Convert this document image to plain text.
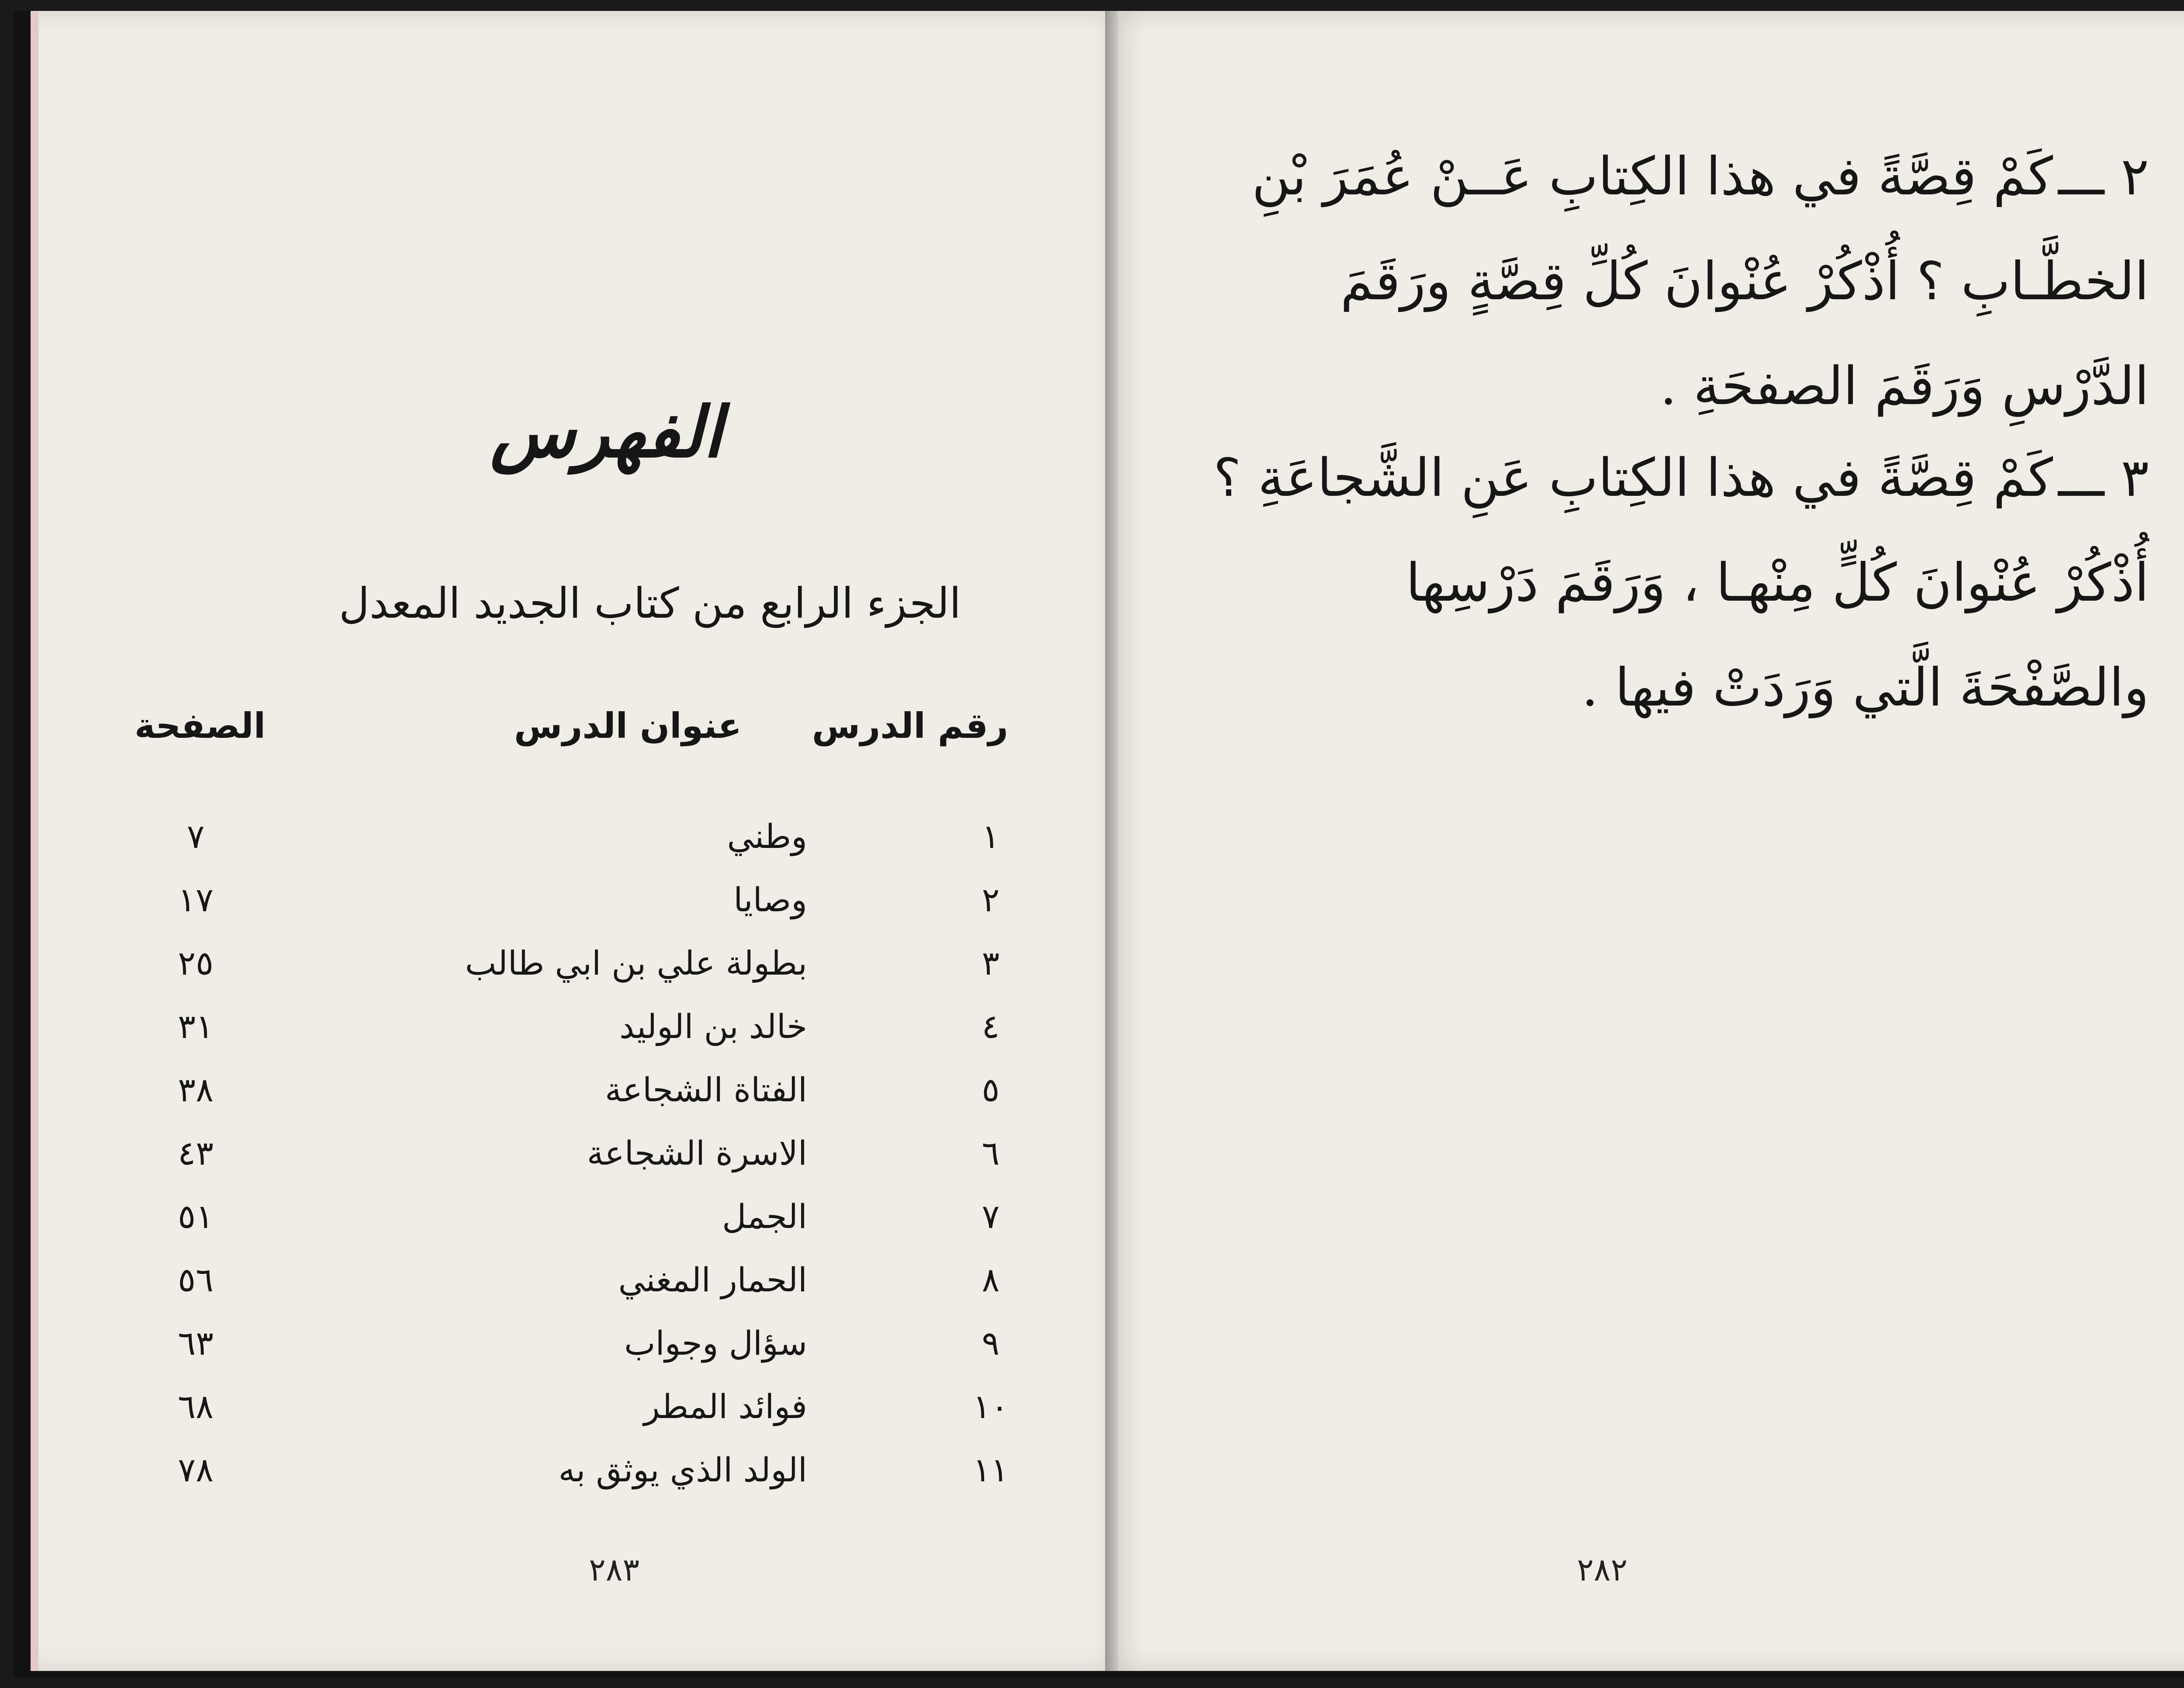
الفهرس
الجزء الرابع من كتاب الجديد المعدل
رقم الدرس
عنوان الدرس
الصفحة
١
وطني
٧
٢
وصايا
١٧
٣
بطولة علي بن ابي طالب
٢٥
٤
خالد بن الوليد
٣١
٥
الفتاة الشجاعة
٣٨
٦
الاسرة الشجاعة
٤٣
٧
الجمل
٥١
٨
الحمار المغني
٥٦
٩
سؤال وجواب
٦٣
١٠
فوائد المطر
٦٨
١١
الولد الذي يوثق به
٧٨
٢٨٣

٢ ـــكَمْ قِصَّةً في هذا الكِتابِ عَــنْ عُمَرَ بْنِ

الخطَّـابِ ؟ أُذْكُرْ عُنْوانَ كُلِّ قِصَّةٍ ورَقَمَ

الدَّرْسِ وَرَقَمَ الصفحَةِ .

٣ ـــكَمْ قِصَّةً في هذا الكِتابِ عَنِ الشَّجاعَةِ ؟

أُذْكُرْ عُنْوانَ كُلٍّ مِنْهـا ، وَرَقَمَ دَرْسِها

والصَّفْحَةَ الَّتي وَرَدَتْ فيها .

٢٨٢
